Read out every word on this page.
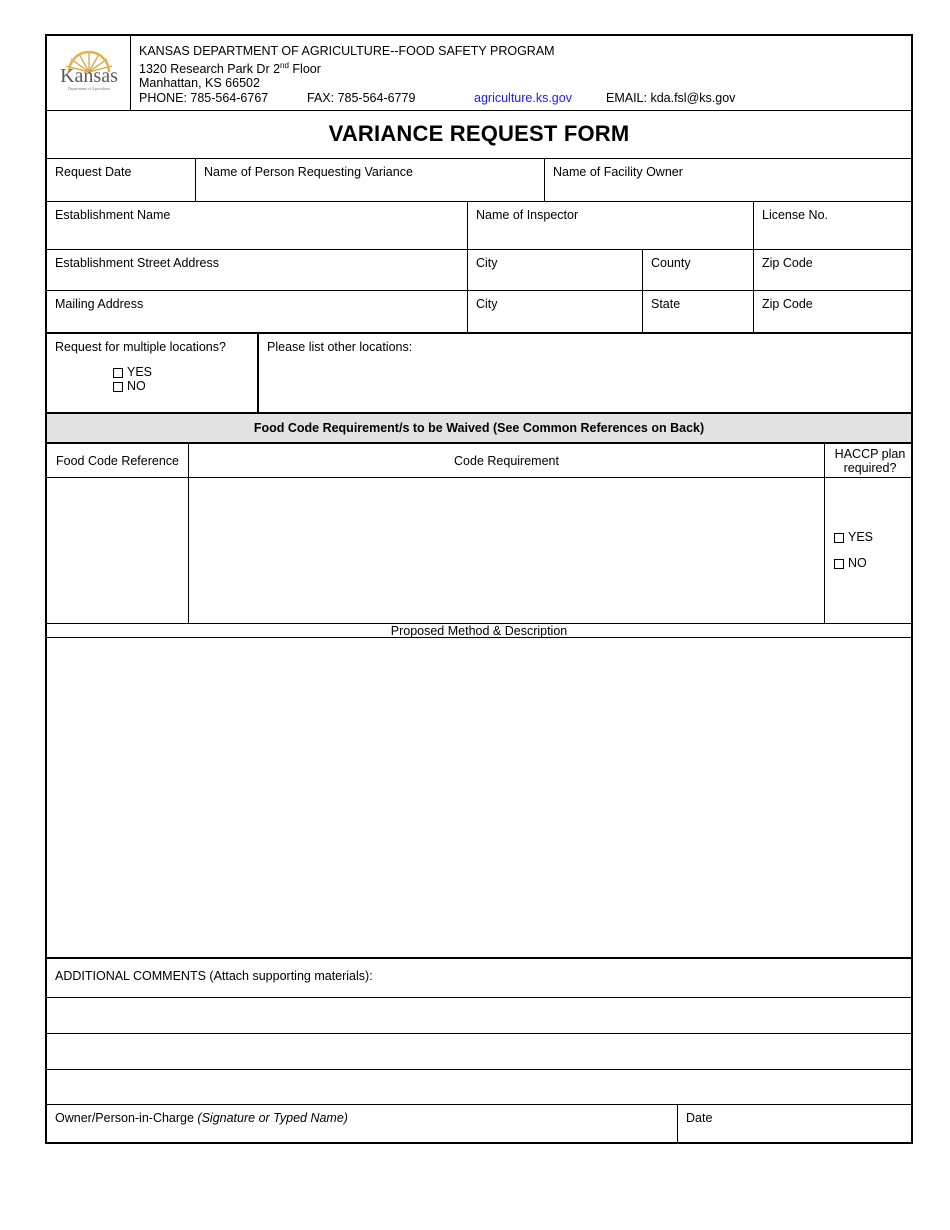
Kansas
Department of Agriculture
KANSAS DEPARTMENT OF AGRICULTURE--FOOD SAFETY PROGRAM
1320 Research Park Dr 2nd Floor
Manhattan, KS 66502
PHONE: 785-564-6767	FAX: 785-564-6779	agriculture.ks.gov	EMAIL: kda.fsl@ks.gov
VARIANCE REQUEST FORM
Request Date	Name of Person Requesting Variance	Name of Facility Owner
Establishment Name	Name of Inspector	License No.
Establishment Street Address	City	County	Zip Code
Mailing Address	City	State	Zip Code
Request for multiple locations?
YES
NO
Please list other locations:
Food Code Requirement/s to be Waived (See Common References on Back)
Food Code Reference	Code Requirement	HACCP plan required?
YES
NO
Proposed Method & Description
ADDITIONAL COMMENTS (Attach supporting materials):
Owner/Person-in-Charge (Signature or Typed Name)	Date
